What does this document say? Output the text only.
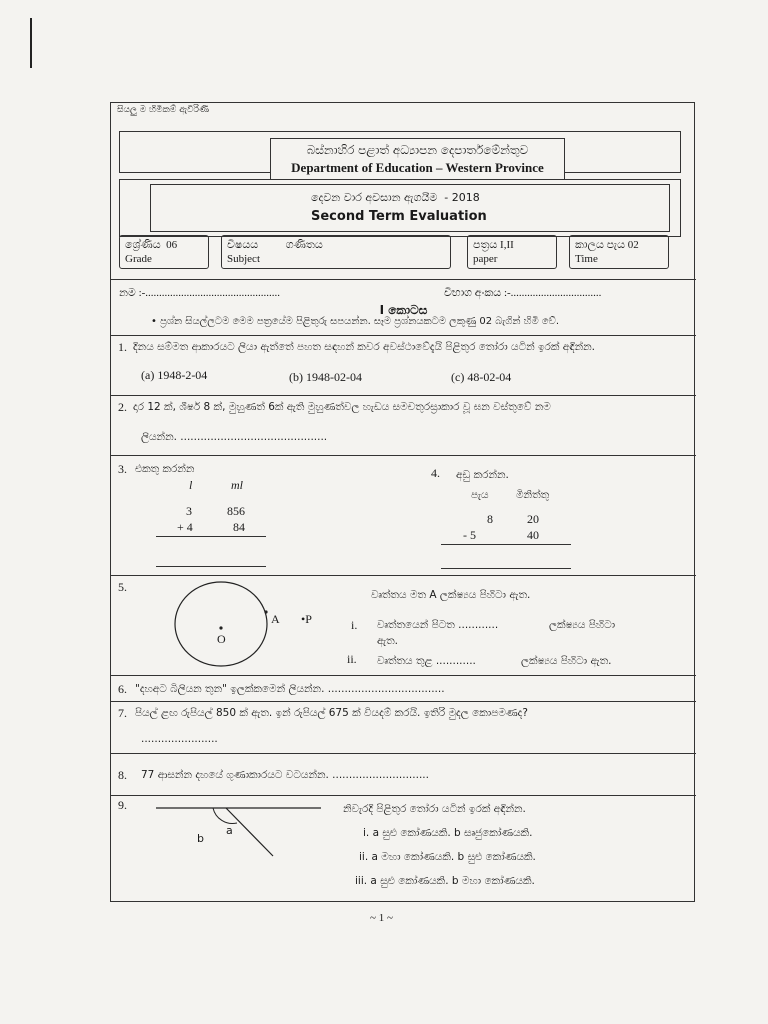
සියලු ම හිමිකම් ඇවිරිණි
බස්නාහිර පළාත් අධ්‍යාපන දෙපාර්තමේන්තුව
Department of Education – Western Province
දෙවන වාර අවසාන ඇගයීම - 2018
Second Term Evaluation
ශ්‍රේණිය 06
Grade
විෂයය	ගණිතය
Subject
පත්‍රය I,II
paper
කාලය පැය 02
Time
නම :-.................................................	විභාග අංකය :-.................................
I කොටස
• ප්‍රශ්න සියල්ලටම මෙම පත්‍රයේම පිළිතුරු සපයන්න. සෑම ප්‍රශ්නයකටම ලකුණු 02 බැගින් හිමි වේ.
1. දිනය සම්මත ආකාරයට ලියා ඇත්තේ පහත සඳහන් කවර අවස්ථාවේදැයි පිළිතුර තෝරා යටින් ඉරක් අඳින්න.
(a) 1948-2-04	(b) 1948-02-04	(c) 48-02-04
2. දාර 12 ක්, ශීර්ෂ 8 ක්, මුහුණත් 6ක් ඇති මුහුණත්වල හැඩය සමචතුරස්‍රාකාර වූ ඝන වස්තුවේ නම
ලියන්න. ............................................
3. එකතු කරන්න
l	ml
3	856
+ 4	84
4. අඩු කරන්න.
පැය	මිනිත්තු
8	20
- 5	40
5.
A •P
O
වෘත්තය මත A ලක්ෂ්‍යය පිහිටා ඇත.
i. වෘත්තයෙන් පිටත ............	ලක්ෂ්‍යය පිහිටා
ඇත.
ii. වෘත්තය තුළ ............	ලක්ෂ්‍යය පිහිටා ඇත.
6. "දහඅට බිලියන තුන" ඉලක්කමෙන් ලියන්න. ...................................
7. පියල් ළඟ රුපියල් 850 ක් ඇත. ඉන් රුපියල් 675 ක් වියදම් කරයි. ඉතිරි මුදල කොපමණද?
.......................
8. 77 ආසන්න දහයේ ගුණාකාරයට වටයන්න. .............................
9.
a
b
නිවැරදි පිළිතුර තෝරා යටින් ඉරක් අඳින්න.
i. a සුළු කෝණයකි. b සෘජුකෝණයකි.
ii. a මහා කෝණයකි. b සුළු කෝණයකි.
iii. a සුළු කෝණයකි. b මහා කෝණයකි.
~ 1 ~
